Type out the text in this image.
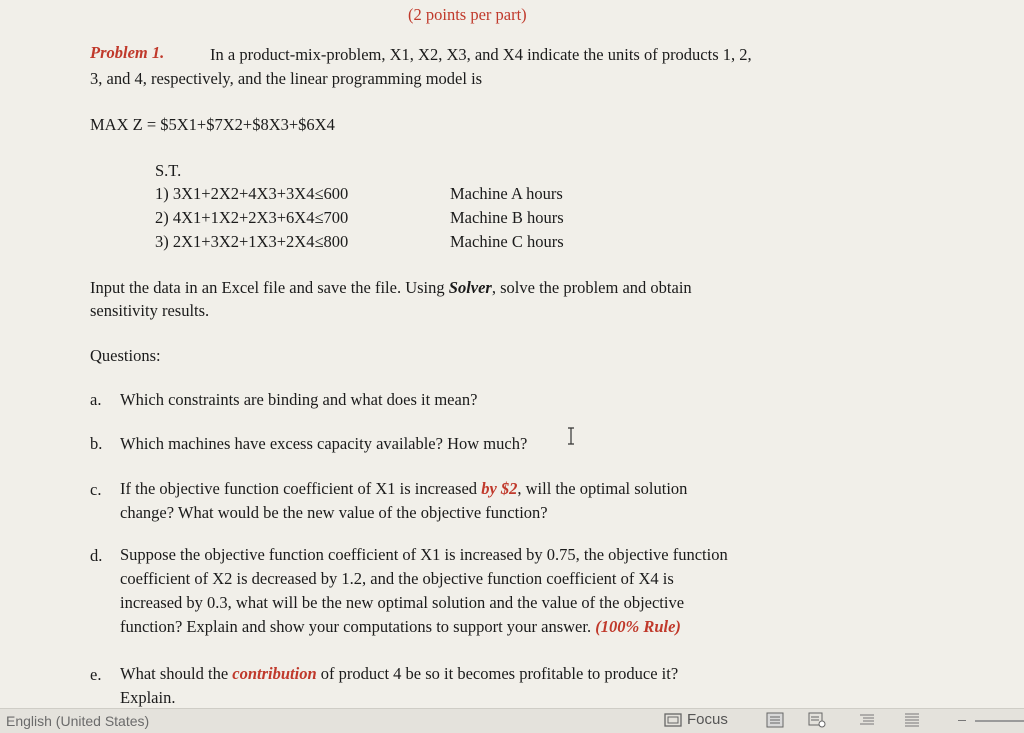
(2 points per part)
Problem 1.	In a product-mix-problem, X1, X2, X3, and X4 indicate the units of products 1, 2,
3, and 4, respectively, and the linear programming model is
MAX Z = $5X1+$7X2+$8X3+$6X4
S.T.
1) 3X1+2X2+4X3+3X4≤600	Machine A hours
2) 4X1+1X2+2X3+6X4≤700	Machine B hours
3) 2X1+3X2+1X3+2X4≤800	Machine C hours
Input the data in an Excel file and save the file. Using Solver, solve the problem and obtain
sensitivity results.
Questions:
a. Which constraints are binding and what does it mean?
b. Which machines have excess capacity available? How much?
c. If the objective function coefficient of X1 is increased by $2, will the optimal solution
change? What would be the new value of the objective function?
d. Suppose the objective function coefficient of X1 is increased by 0.75, the objective function
coefficient of X2 is decreased by 1.2, and the objective function coefficient of X4 is
increased by 0.3, what will be the new optimal solution and the value of the objective
function? Explain and show your computations to support your answer. (100% Rule)
e. What should the contribution of product 4 be so it becomes profitable to produce it?
Explain.
English (United States)	Focus
